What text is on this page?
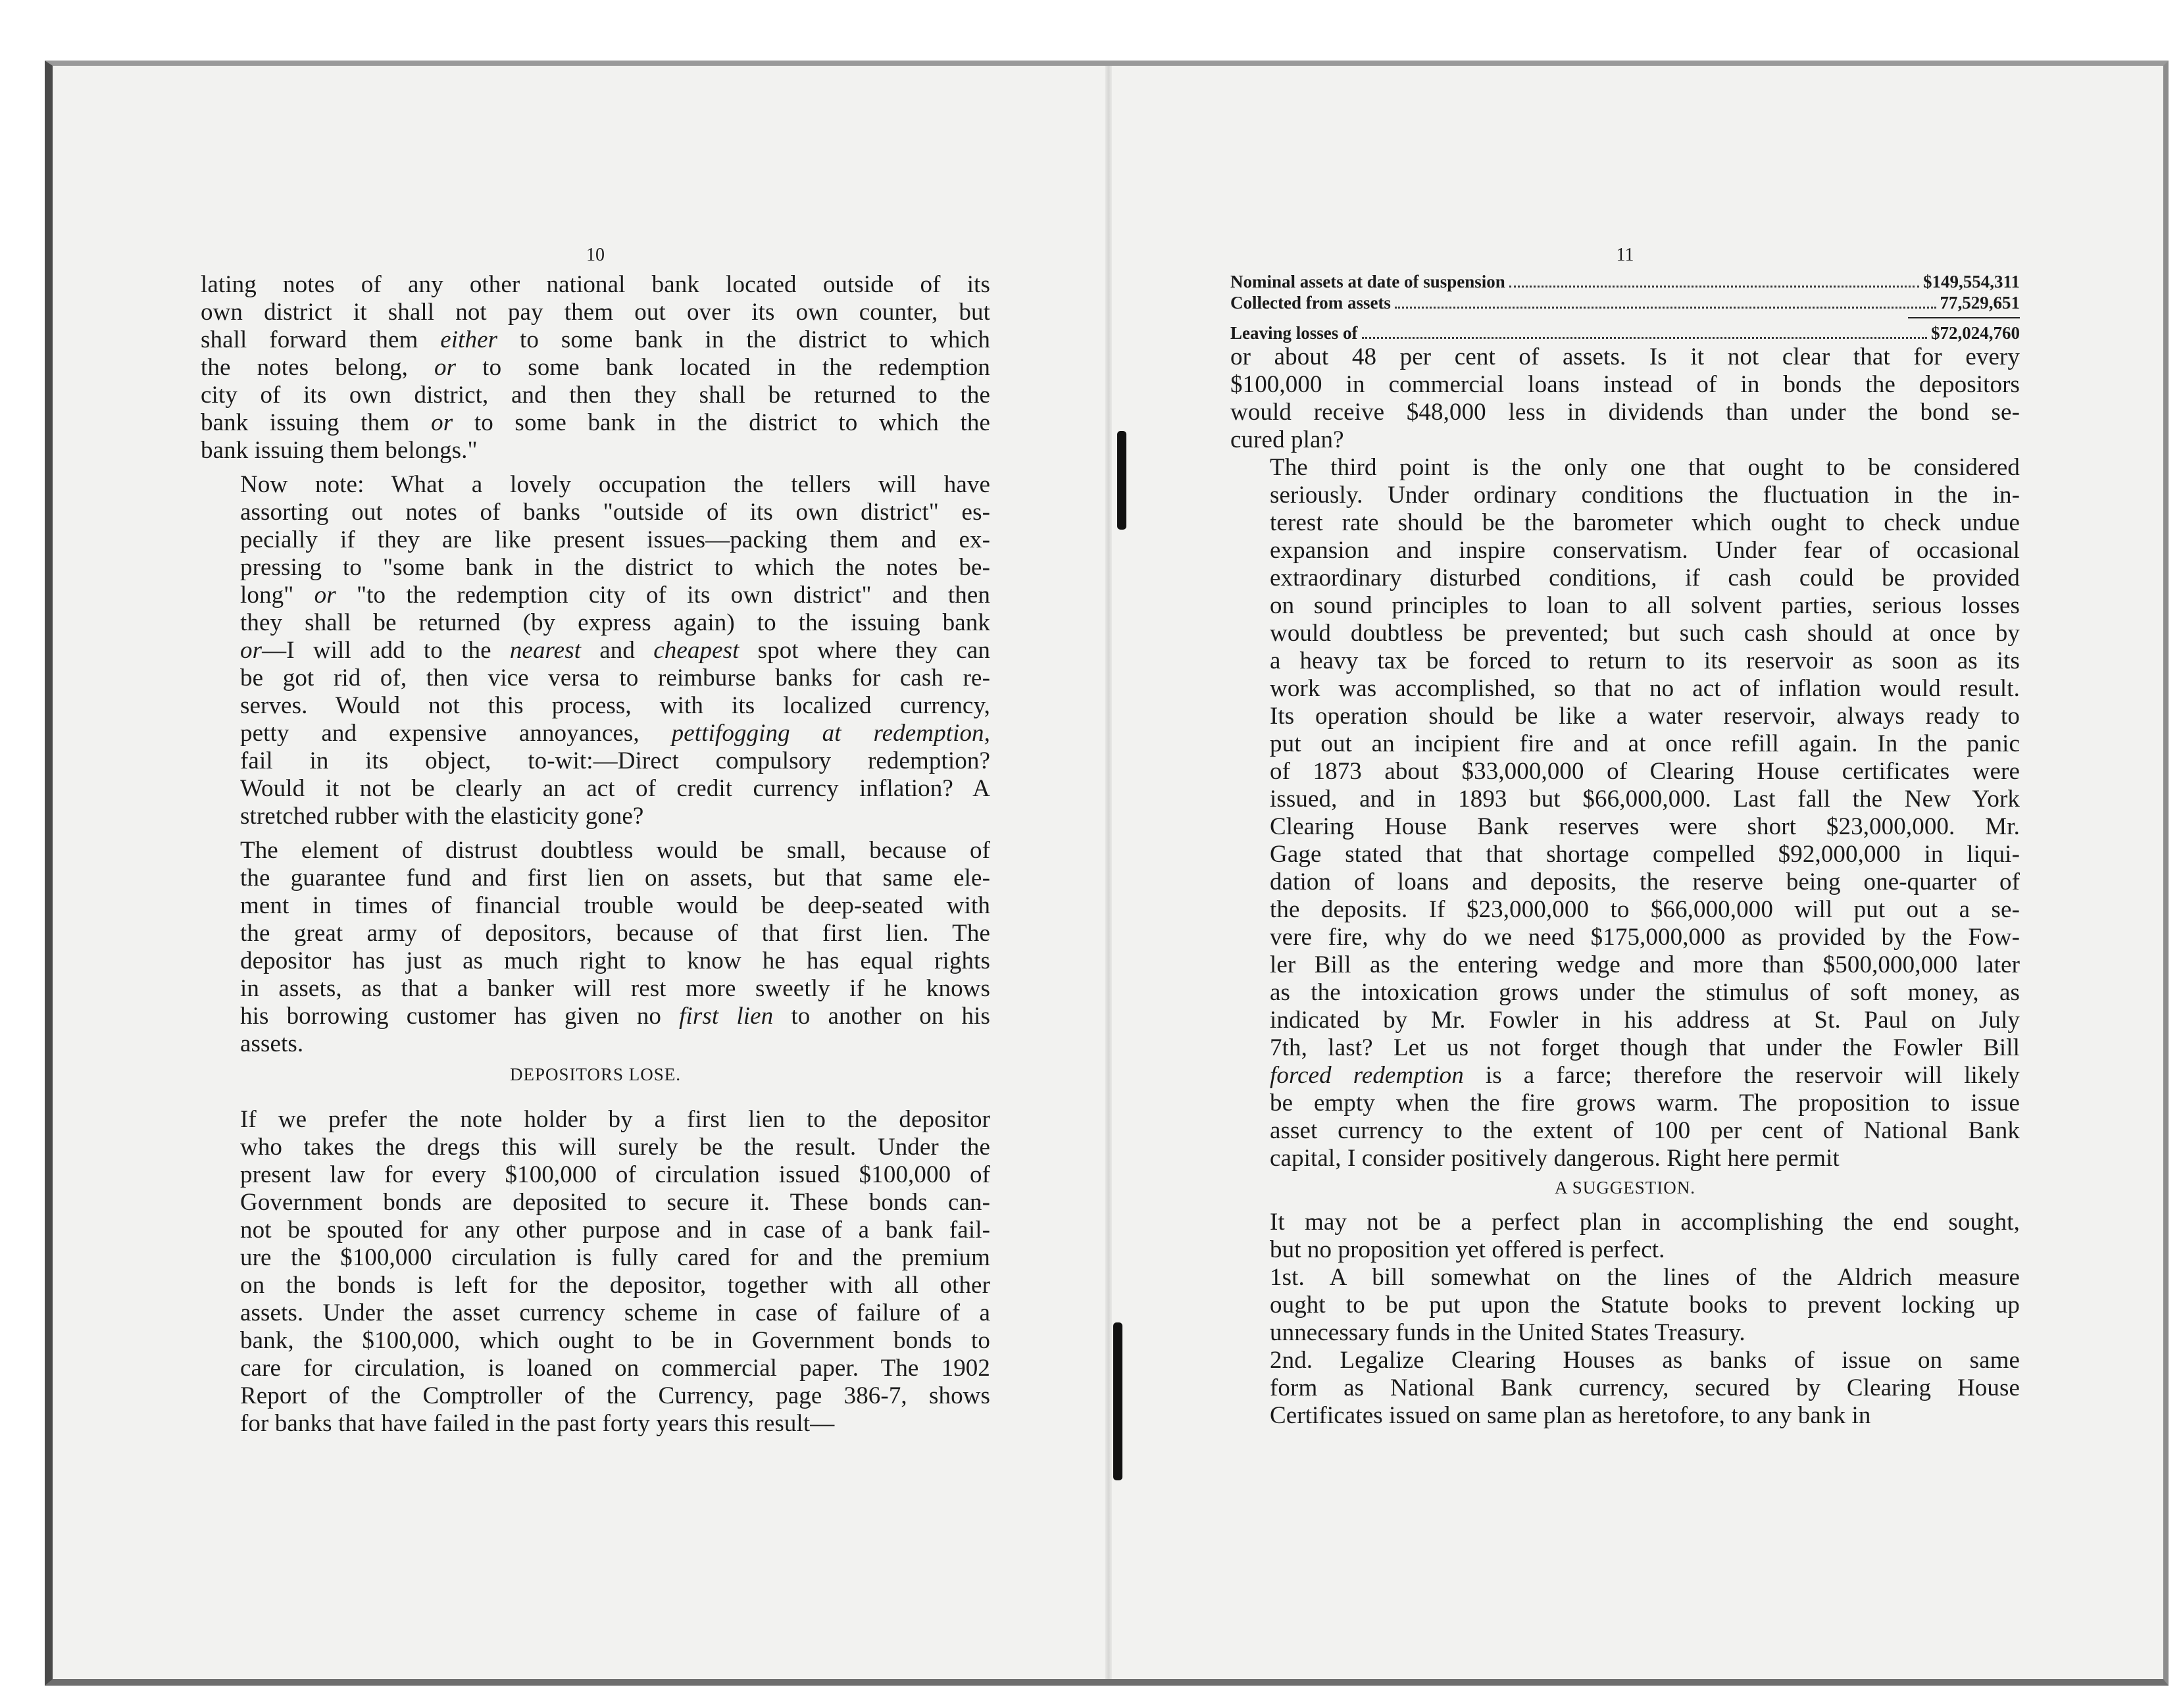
10
lating notes of any other national bank located outside of its
own district it shall not pay them out over its own counter, but
shall forward them either to some bank in the district to which
the notes belong, or to some bank located in the redemption
city of its own district, and then they shall be returned to the
bank issuing them or to some bank in the district to which the
bank issuing them belongs."
Now note: What a lovely occupation the tellers will have
assorting out notes of banks "outside of its own district" es-
pecially if they are like present issues—packing them and ex-
pressing to "some bank in the district to which the notes be-
long" or "to the redemption city of its own district" and then
they shall be returned (by express again) to the issuing bank
or—I will add to the nearest and cheapest spot where they can
be got rid of, then vice versa to reimburse banks for cash re-
serves. Would not this process, with its localized currency,
petty and expensive annoyances, pettifogging at redemption,
fail in its object, to-wit:—Direct compulsory redemption?
Would it not be clearly an act of credit currency inflation? A
stretched rubber with the elasticity gone?
The element of distrust doubtless would be small, because of
the guarantee fund and first lien on assets, but that same ele-
ment in times of financial trouble would be deep-seated with
the great army of depositors, because of that first lien. The
depositor has just as much right to know he has equal rights
in assets, as that a banker will rest more sweetly if he knows
his borrowing customer has given no first lien to another on his
assets.
DEPOSITORS LOSE.
If we prefer the note holder by a first lien to the depositor
who takes the dregs this will surely be the result. Under the
present law for every $100,000 of circulation issued $100,000 of
Government bonds are deposited to secure it. These bonds can-
not be spouted for any other purpose and in case of a bank fail-
ure the $100,000 circulation is fully cared for and the premium
on the bonds is left for the depositor, together with all other
assets. Under the asset currency scheme in case of failure of a
bank, the $100,000, which ought to be in Government bonds to
care for circulation, is loaned on commercial paper. The 1902
Report of the Comptroller of the Currency, page 386-7, shows
for banks that have failed in the past forty years this result—
11
Nominal assets at date of suspension	$149,554,311
Collected from assets	77,529,651
Leaving losses of	$72,024,760
or about 48 per cent of assets. Is it not clear that for every
$100,000 in commercial loans instead of in bonds the depositors
would receive $48,000 less in dividends than under the bond se-
cured plan?
The third point is the only one that ought to be considered
seriously. Under ordinary conditions the fluctuation in the in-
terest rate should be the barometer which ought to check undue
expansion and inspire conservatism. Under fear of occasional
extraordinary disturbed conditions, if cash could be provided
on sound principles to loan to all solvent parties, serious losses
would doubtless be prevented; but such cash should at once by
a heavy tax be forced to return to its reservoir as soon as its
work was accomplished, so that no act of inflation would result.
Its operation should be like a water reservoir, always ready to
put out an incipient fire and at once refill again. In the panic
of 1873 about $33,000,000 of Clearing House certificates were
issued, and in 1893 but $66,000,000. Last fall the New York
Clearing House Bank reserves were short $23,000,000. Mr.
Gage stated that that shortage compelled $92,000,000 in liqui-
dation of loans and deposits, the reserve being one-quarter of
the deposits. If $23,000,000 to $66,000,000 will put out a se-
vere fire, why do we need $175,000,000 as provided by the Fow-
ler Bill as the entering wedge and more than $500,000,000 later
as the intoxication grows under the stimulus of soft money, as
indicated by Mr. Fowler in his address at St. Paul on July
7th, last? Let us not forget though that under the Fowler Bill
forced redemption is a farce; therefore the reservoir will likely
be empty when the fire grows warm. The proposition to issue
asset currency to the extent of 100 per cent of National Bank
capital, I consider positively dangerous. Right here permit
A SUGGESTION.
It may not be a perfect plan in accomplishing the end sought,
but no proposition yet offered is perfect.
1st. A bill somewhat on the lines of the Aldrich measure
ought to be put upon the Statute books to prevent locking up
unnecessary funds in the United States Treasury.
2nd. Legalize Clearing Houses as banks of issue on same
form as National Bank currency, secured by Clearing House
Certificates issued on same plan as heretofore, to any bank in
